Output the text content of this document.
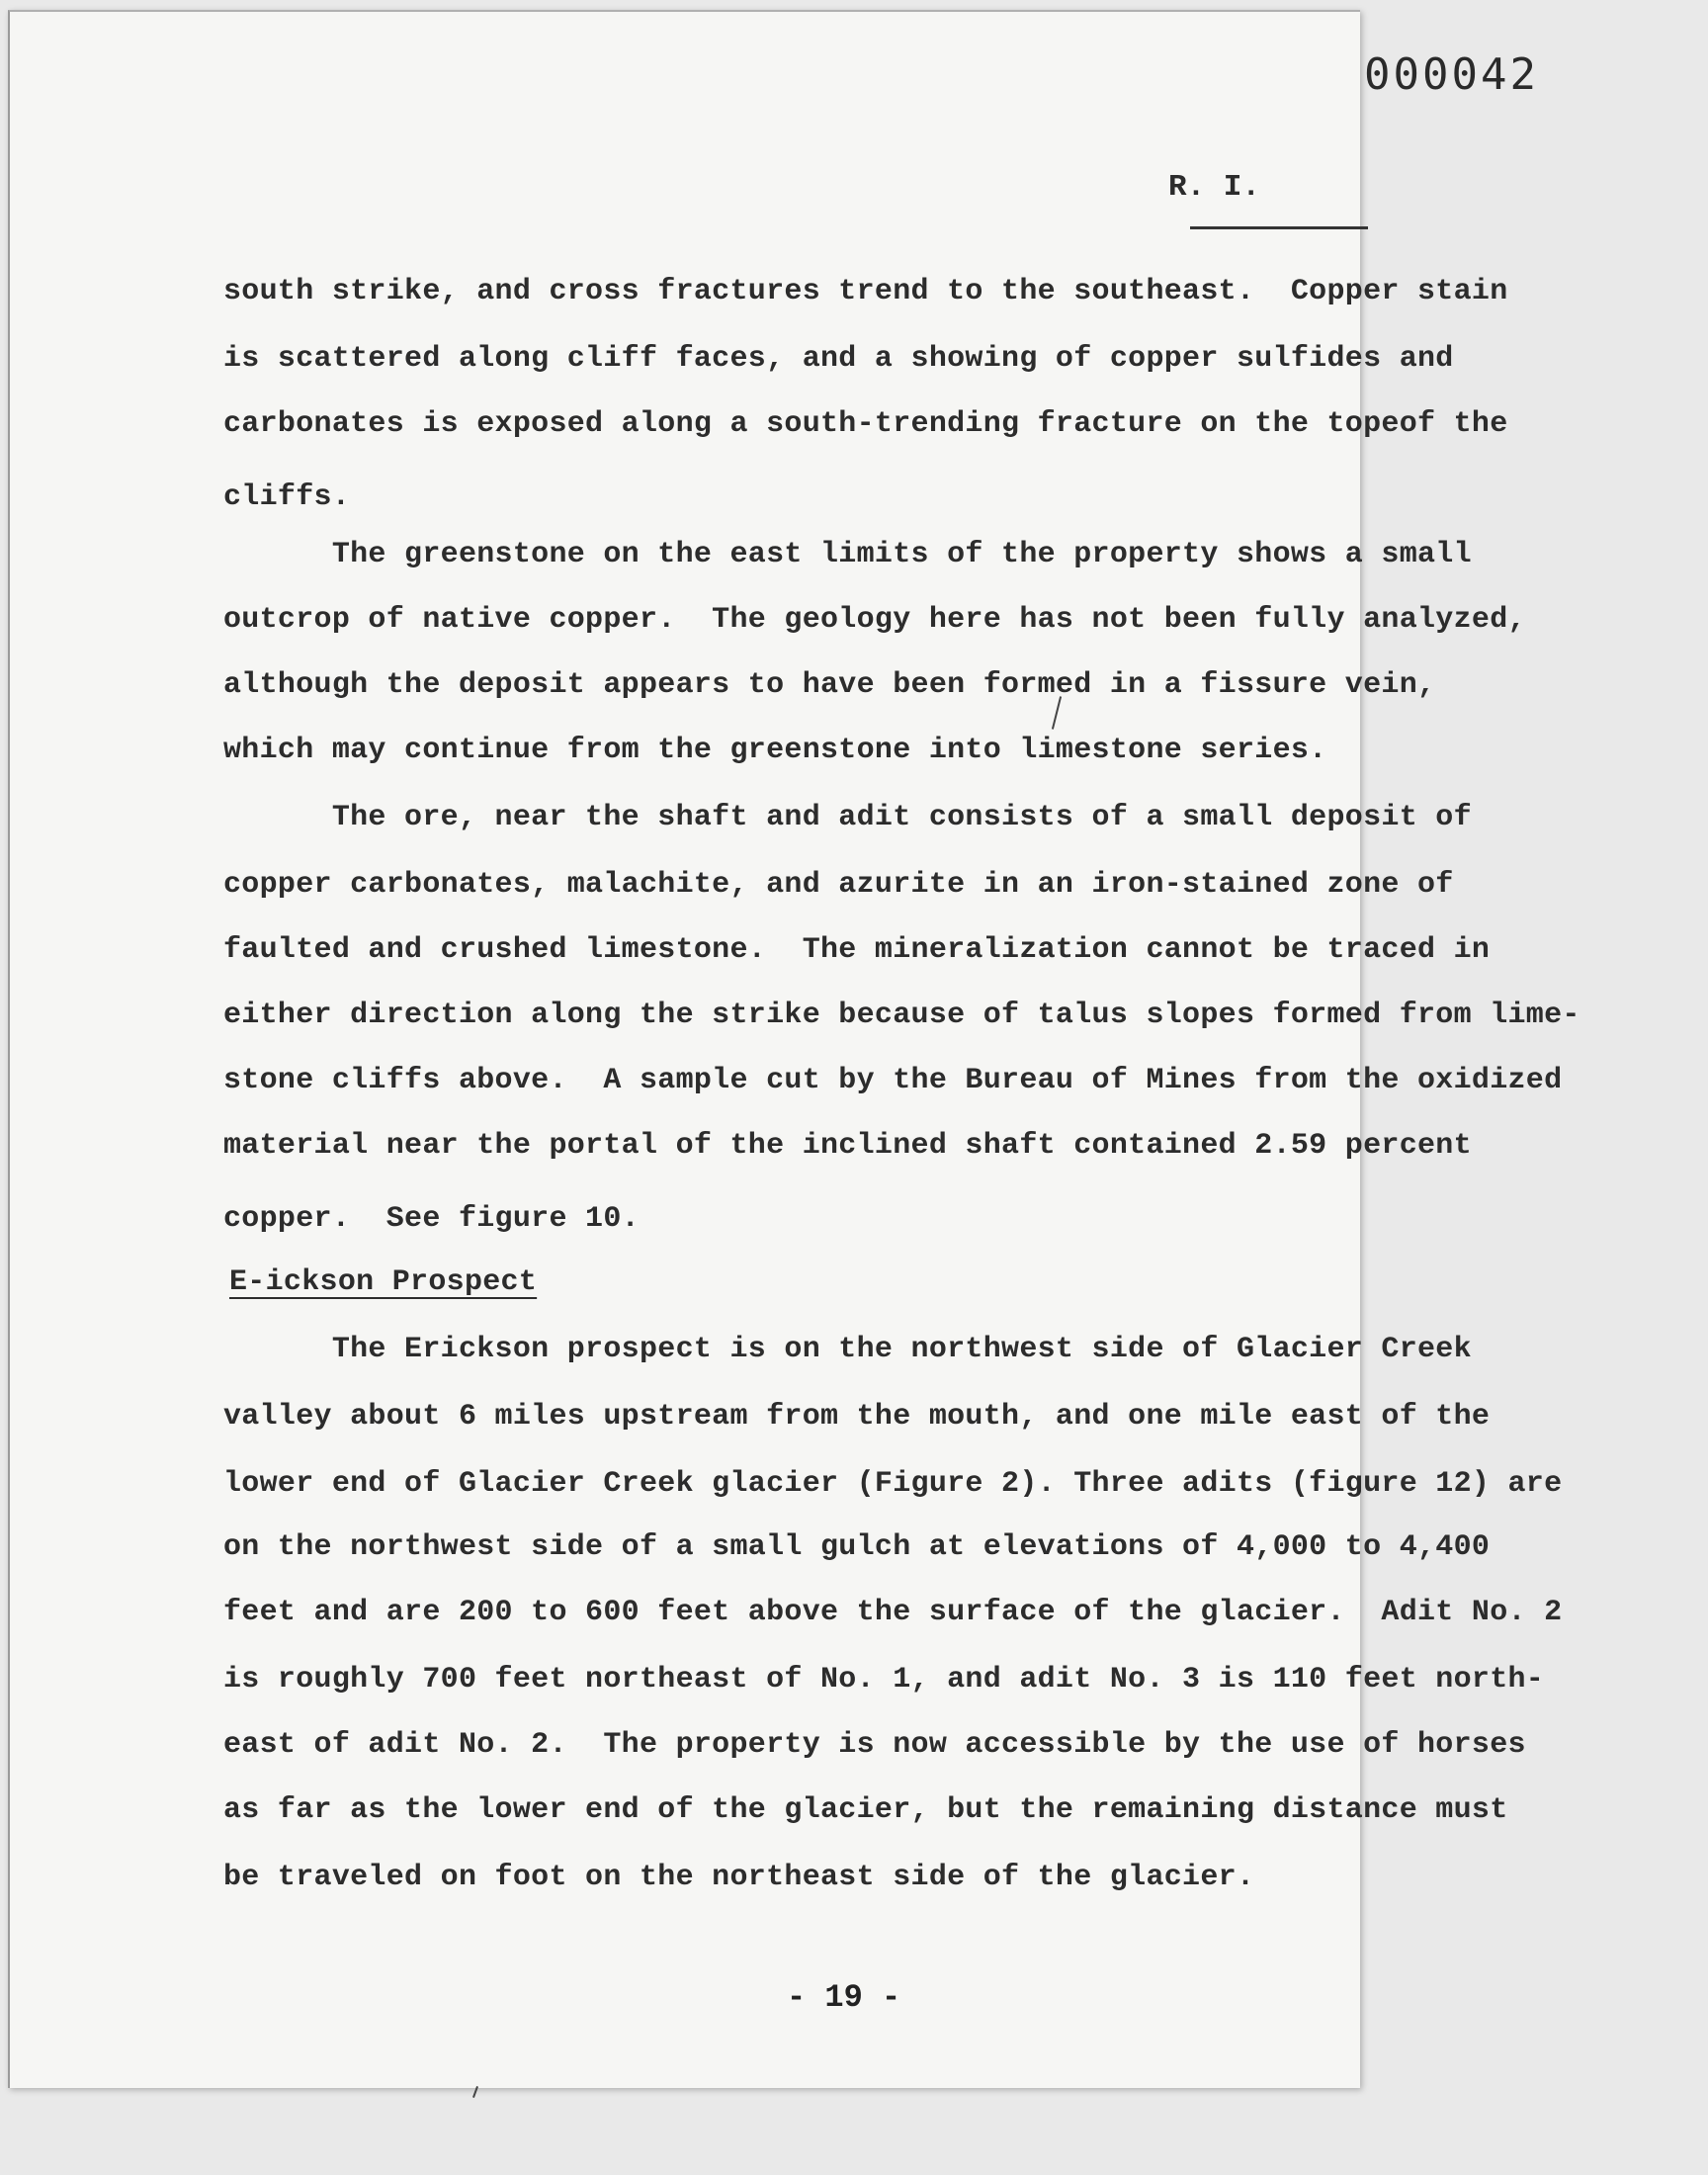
000042
R. I.
south strike, and cross fractures trend to the southeast.  Copper stain
is scattered along cliff faces, and a showing of copper sulfides and
carbonates is exposed along a south-trending fracture on the topeof the
cliffs.
The greenstone on the east limits of the property shows a small
outcrop of native copper.  The geology here has not been fully analyzed,
although the deposit appears to have been formed in a fissure vein,
which may continue from the greenstone into limestone series.
The ore, near the shaft and adit consists of a small deposit of
copper carbonates, malachite, and azurite in an iron-stained zone of
faulted and crushed limestone.  The mineralization cannot be traced in
either direction along the strike because of talus slopes formed from lime-
stone cliffs above.  A sample cut by the Bureau of Mines from the oxidized
material near the portal of the inclined shaft contained 2.59 percent
copper.  See figure 10.
E-ickson Prospect
The Erickson prospect is on the northwest side of Glacier Creek
valley about 6 miles upstream from the mouth, and one mile east of the
lower end of Glacier Creek glacier (Figure 2). Three adits (figure 12) are
on the northwest side of a small gulch at elevations of 4,000 to 4,400
feet and are 200 to 600 feet above the surface of the glacier.  Adit No. 2
is roughly 700 feet northeast of No. 1, and adit No. 3 is 110 feet north-
east of adit No. 2.  The property is now accessible by the use of horses
as far as the lower end of the glacier, but the remaining distance must
be traveled on foot on the northeast side of the glacier.
- 19 -
